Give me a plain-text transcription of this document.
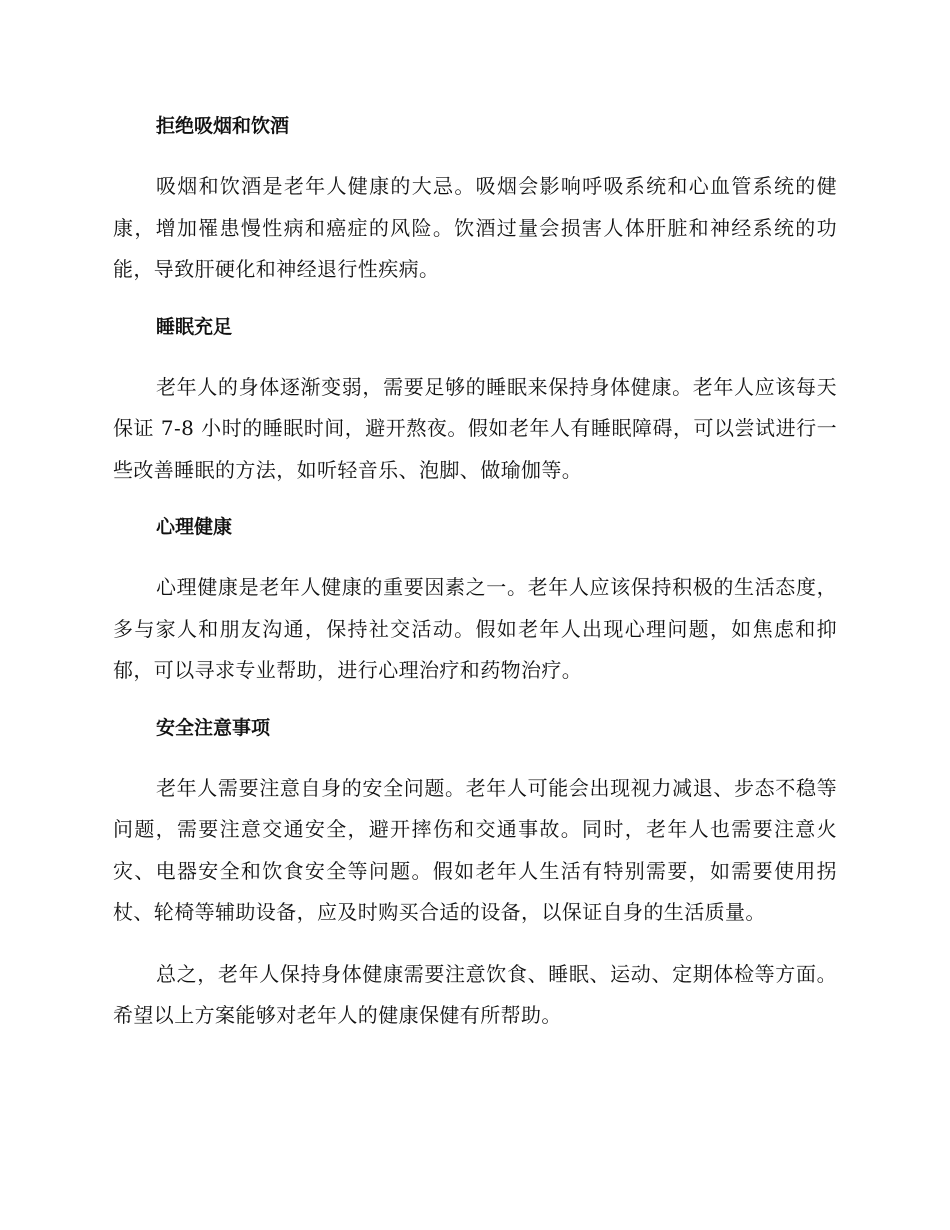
拒绝吸烟和饮酒

吸烟和饮酒是老年人健康的大忌。吸烟会影响呼吸系统和心血管系统的健康，增加罹患慢性病和癌症的风险。饮酒过量会损害人体肝脏和神经系统的功能，导致肝硬化和神经退行性疾病。

睡眠充足

老年人的身体逐渐变弱，需要足够的睡眠来保持身体健康。老年人应该每天保证 7-8 小时的睡眠时间，避开熬夜。假如老年人有睡眠障碍，可以尝试进行一些改善睡眠的方法，如听轻音乐、泡脚、做瑜伽等。

心理健康

心理健康是老年人健康的重要因素之一。老年人应该保持积极的生活态度，多与家人和朋友沟通，保持社交活动。假如老年人出现心理问题，如焦虑和抑郁，可以寻求专业帮助，进行心理治疗和药物治疗。

安全注意事项

老年人需要注意自身的安全问题。老年人可能会出现视力减退、步态不稳等问题，需要注意交通安全，避开摔伤和交通事故。同时，老年人也需要注意火灾、电器安全和饮食安全等问题。假如老年人生活有特别需要，如需要使用拐杖、轮椅等辅助设备，应及时购买合适的设备，以保证自身的生活质量。

总之，老年人保持身体健康需要注意饮食、睡眠、运动、定期体检等方面。希望以上方案能够对老年人的健康保健有所帮助。
